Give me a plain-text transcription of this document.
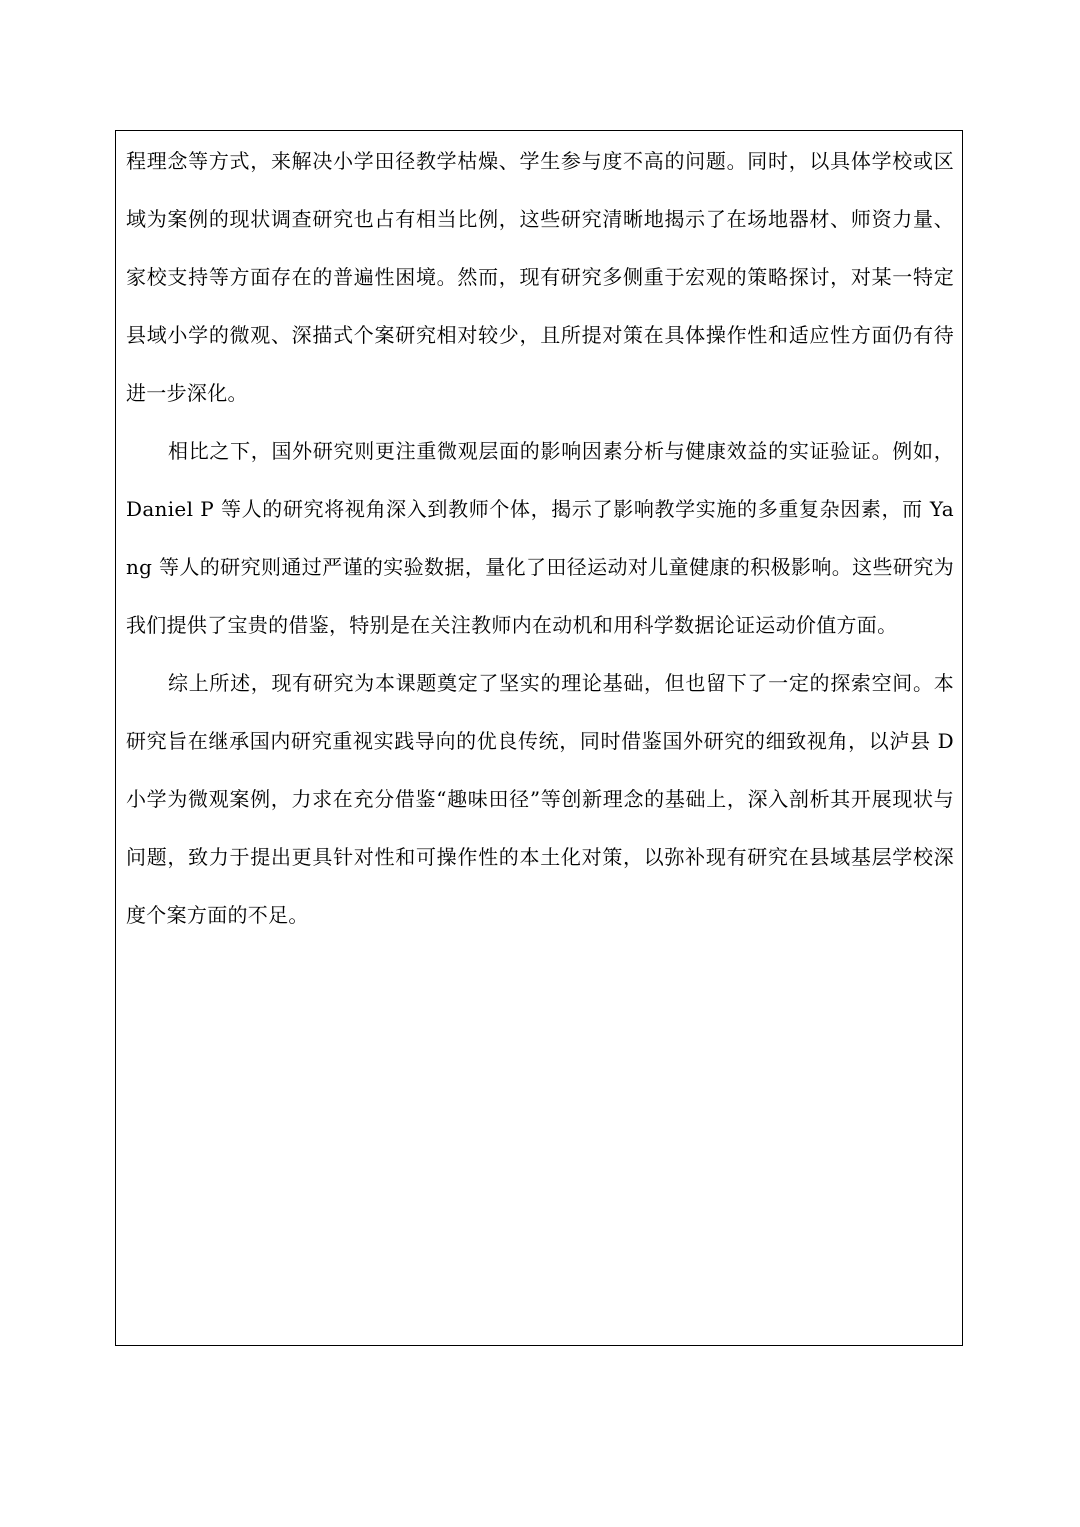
程理念等方式，来解决小学田径教学枯燥、学生参与度不高的问题。同时，以具体学校或区域为案例的现状调查研究也占有相当比例，这些研究清晰地揭示了在场地器材、师资力量、家校支持等方面存在的普遍性困境。然而，现有研究多侧重于宏观的策略探讨，对某一特定县域小学的微观、深描式个案研究相对较少，且所提对策在具体操作性和适应性方面仍有待进一步深化。

相比之下，国外研究则更注重微观层面的影响因素分析与健康效益的实证验证。例如，Daniel P 等人的研究将视角深入到教师个体，揭示了影响教学实施的多重复杂因素，而 Yang 等人的研究则通过严谨的实验数据，量化了田径运动对儿童健康的积极影响。这些研究为我们提供了宝贵的借鉴，特别是在关注教师内在动机和用科学数据论证运动价值方面。

综上所述，现有研究为本课题奠定了坚实的理论基础，但也留下了一定的探索空间。本研究旨在继承国内研究重视实践导向的优良传统，同时借鉴国外研究的细致视角，以泸县 D 小学为微观案例，力求在充分借鉴“趣味田径”等创新理念的基础上，深入剖析其开展现状与问题，致力于提出更具针对性和可操作性的本土化对策，以弥补现有研究在县域基层学校深度个案方面的不足。
